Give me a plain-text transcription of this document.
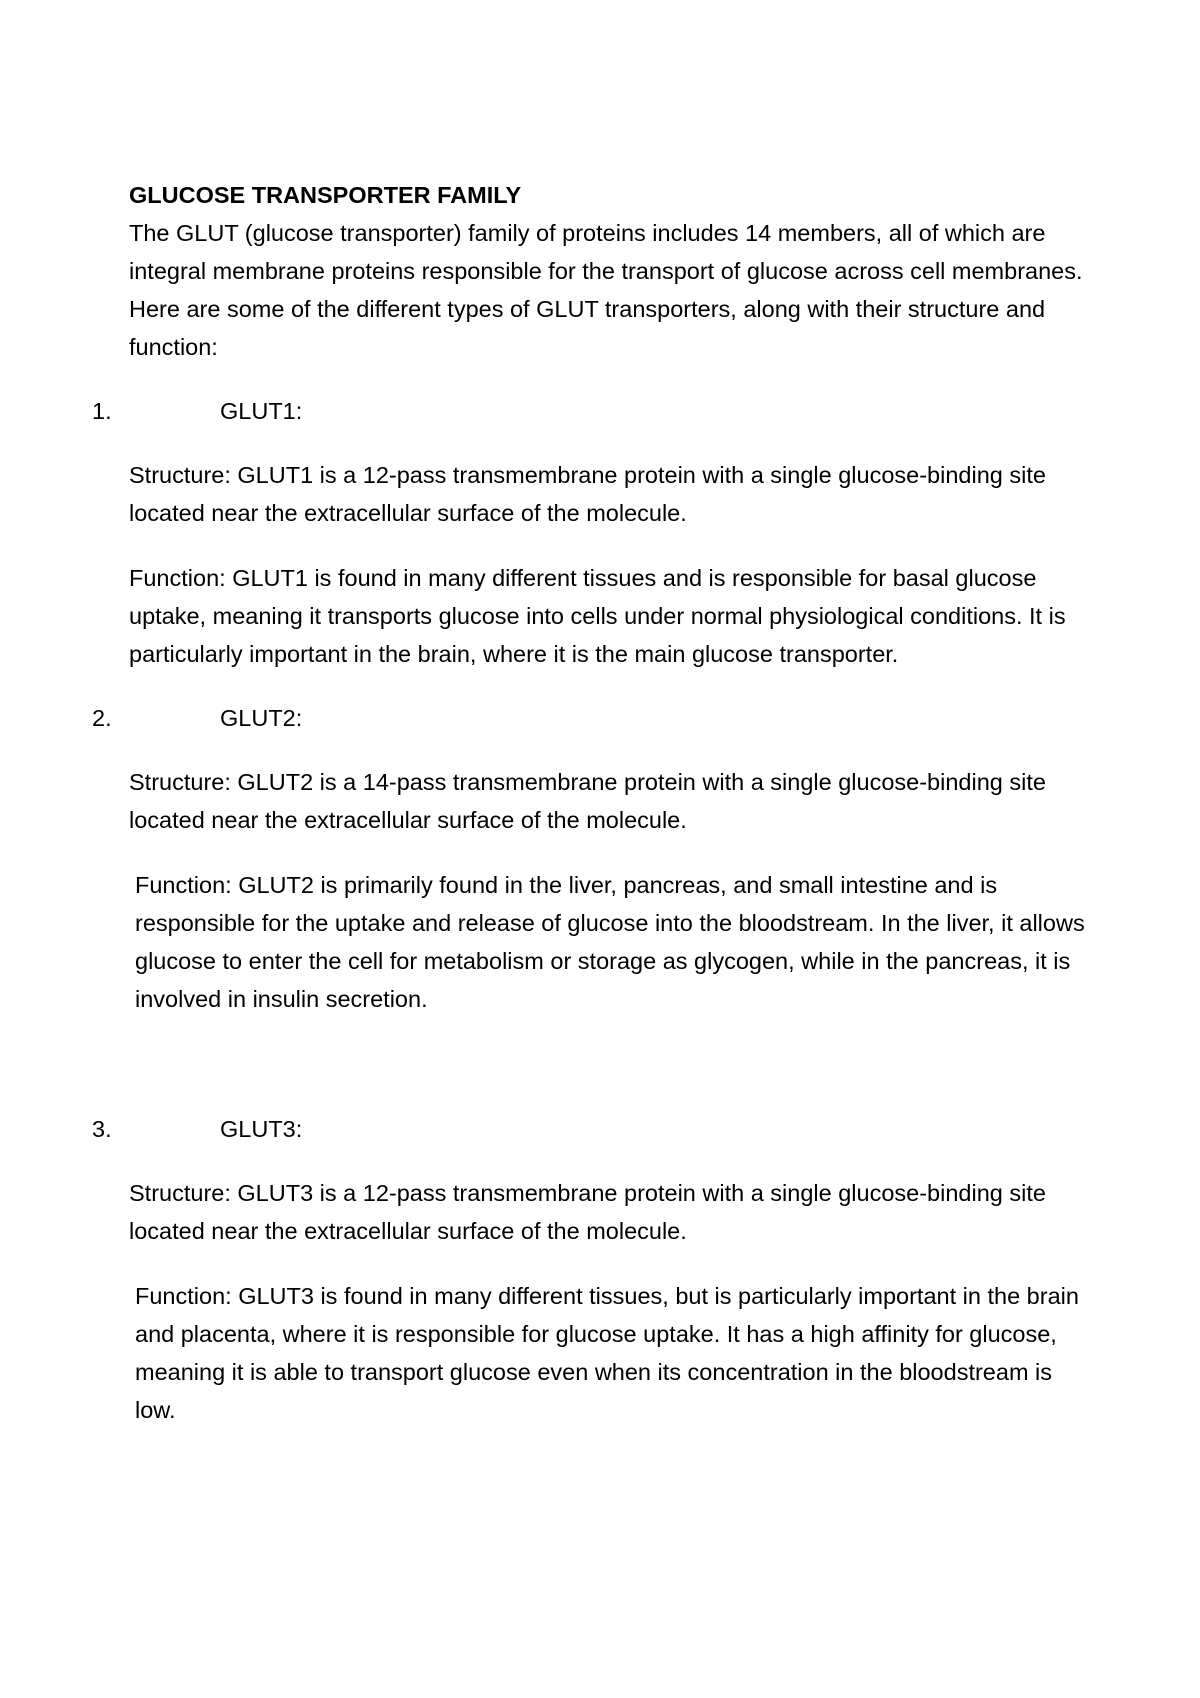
GLUCOSE TRANSPORTER FAMILY

The GLUT (glucose transporter) family of proteins includes 14 members, all of which are integral membrane proteins responsible for the transport of glucose across cell membranes. Here are some of the different types of GLUT transporters, along with their structure and function:

1.	GLUT1:

Structure: GLUT1 is a 12-pass transmembrane protein with a single glucose-binding site located near the extracellular surface of the molecule.

Function: GLUT1 is found in many different tissues and is responsible for basal glucose uptake, meaning it transports glucose into cells under normal physiological conditions. It is particularly important in the brain, where it is the main glucose transporter.

2.	GLUT2:

Structure: GLUT2 is a 14-pass transmembrane protein with a single glucose-binding site located near the extracellular surface of the molecule.

Function: GLUT2 is primarily found in the liver, pancreas, and small intestine and is responsible for the uptake and release of glucose into the bloodstream. In the liver, it allows glucose to enter the cell for metabolism or storage as glycogen, while in the pancreas, it is involved in insulin secretion.

3.	GLUT3:

Structure: GLUT3 is a 12-pass transmembrane protein with a single glucose-binding site located near the extracellular surface of the molecule.

Function: GLUT3 is found in many different tissues, but is particularly important in the brain and placenta, where it is responsible for glucose uptake. It has a high affinity for glucose, meaning it is able to transport glucose even when its concentration in the bloodstream is low.
